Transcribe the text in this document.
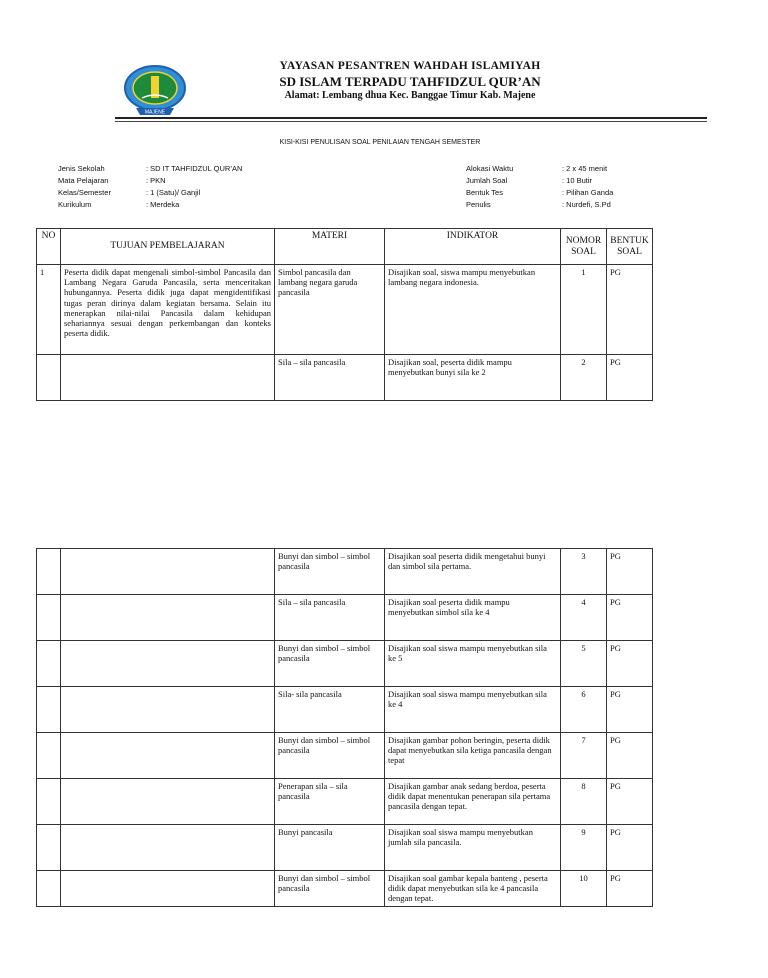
MAJENE
YAYASAN PESANTREN WAHDAH ISLAMIYAH
SD ISLAM TERPADU TAHFIDZUL QUR’AN
Alamat: Lembang dhua Kec. Banggae Timur Kab. Majene
KISI-KISI PENULISAN SOAL PENILAIAN TENGAH SEMESTER
Jenis Sekolah	: SD IT TAHFIDZUL QUR’AN
Mata Pelajaran	: PKN
Kelas/Semester	: 1 (Satu)/ Ganjil
Kurikulum	: Merdeka
Alokasi Waktu	: 2 x 45 menit
Jumlah Soal	: 10 Butir
Bentuk Tes	: Pilihan Ganda
Penulis	: Nurdefi, S.Pd
NO	TUJUAN PEMBELAJARAN	MATERI	INDIKATOR	NOMOR SOAL	BENTUK SOAL
1	Peserta didik dapat mengenali simbol-simbol Pancasila dan Lambang Negara Garuda Pancasila, serta menceritakan hubungannya. Peserta didik juga dapat mengidentifikasi tugas peran dirinya dalam kegiatan bersama. Selain itu menerapkan nilai-nilai Pancasila dalam kehidupan sehariannya sesuai dengan perkembangan dan konteks peserta didik.	Simbol pancasila dan lambang negara garuda pancasila	Disajikan soal, siswa mampu menyebutkan lambang negara indonesia.	1	PG
		Sila – sila pancasila	Disajikan soal, peserta didik mampu menyebutkan bunyi sila ke 2	2	PG
		Bunyi dan simbol – simbol pancasila	Disajikan soal peserta didik mengetahui bunyi dan simbol sila pertama.	3	PG
		Sila – sila pancasila	Disajikan soal peserta didik mampu menyebutkan simbol sila ke 4	4	PG
		Bunyi dan simbol – simbol pancasila	Disajikan soal siswa mampu menyebutkan sila ke 5	5	PG
		Sila- sila pancasila	Disajikan soal siswa mampu menyebutkan sila ke 4	6	PG
		Bunyi dan simbol – simbol pancasila	Disajikan gambar pohon beringin, peserta didik dapat menyebutkan sila ketiga pancasila dengan tepat	7	PG
		Penerapan sila – sila pancasila	Disajikan gambar anak sedang berdoa, peserta didik dapat menentukan penerapan sila pertama pancasila dengan tepat.	8	PG
		Bunyi pancasila	Disajikan soal siswa mampu menyebutkan jumlah sila pancasila.	9	PG
		Bunyi dan simbol – simbol pancasila	Disajikan soal gambar kepala banteng , peserta didik dapat menyebutkan sila ke 4 pancasila dengan tepat.	10	PG
